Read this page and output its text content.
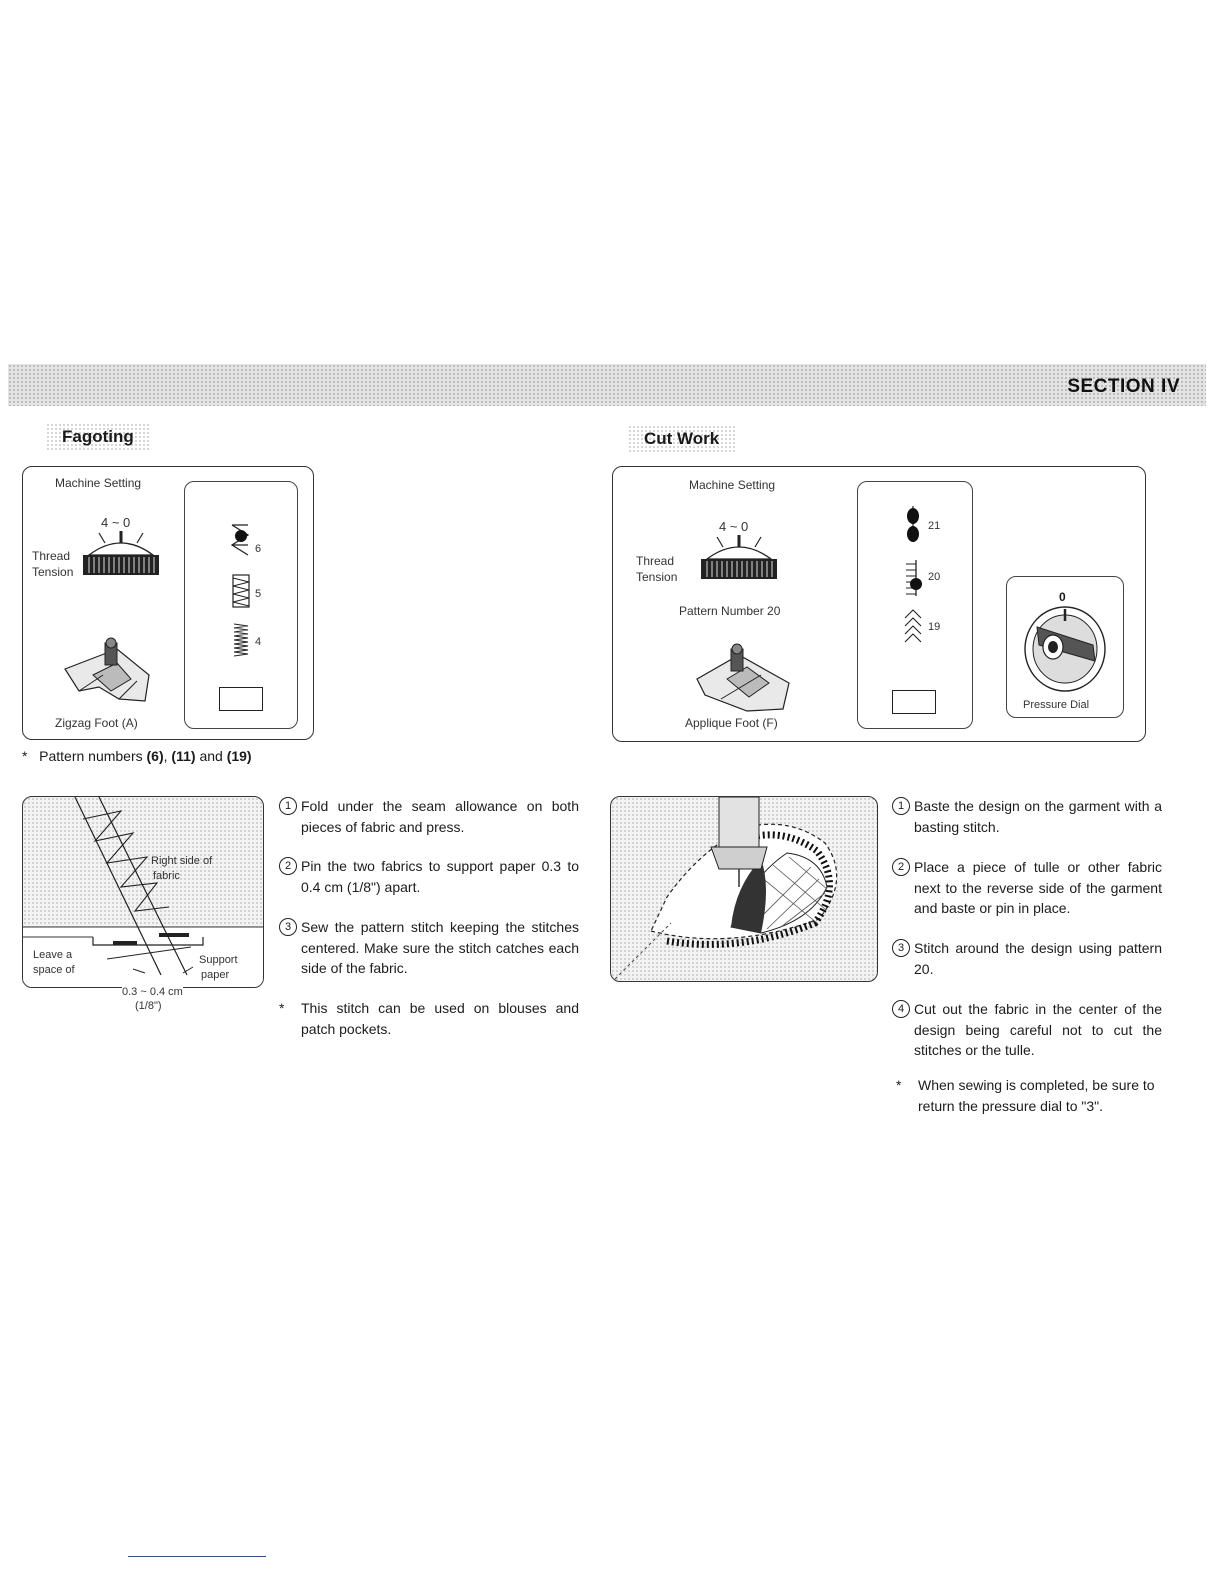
SECTION IV
Fagoting
Machine Setting
4 ~ 0
Thread
Tension
Zigzag Foot (A)
6
5
4
* Pattern numbers (6), (11) and (19)
Right side of
fabric
Leave a
space of
Support
paper
0.3 ~ 0.4 cm
(1/8")
1 Fold under the seam allowance on both pieces of fabric and press.
2 Pin the two fabrics to support paper 0.3 to 0.4 cm (1/8") apart.
3 Sew the pattern stitch keeping the stitches centered. Make sure the stitch catches each side of the fabric.
*	This stitch can be used on blouses and patch pockets.
Cut Work
Machine Setting
4 ~ 0
Thread
Tension
Pattern Number 20
Applique Foot (F)
21
20
19
0
Pressure Dial
1 Baste the design on the garment with a basting stitch.
2 Place a piece of tulle or other fabric next to the reverse side of the garment and baste or pin in place.
3 Stitch around the design using pattern 20.
4 Cut out the fabric in the center of the design being careful not to cut the stitches or the tulle.
*	When sewing is completed, be sure to return the pressure dial to "3".
